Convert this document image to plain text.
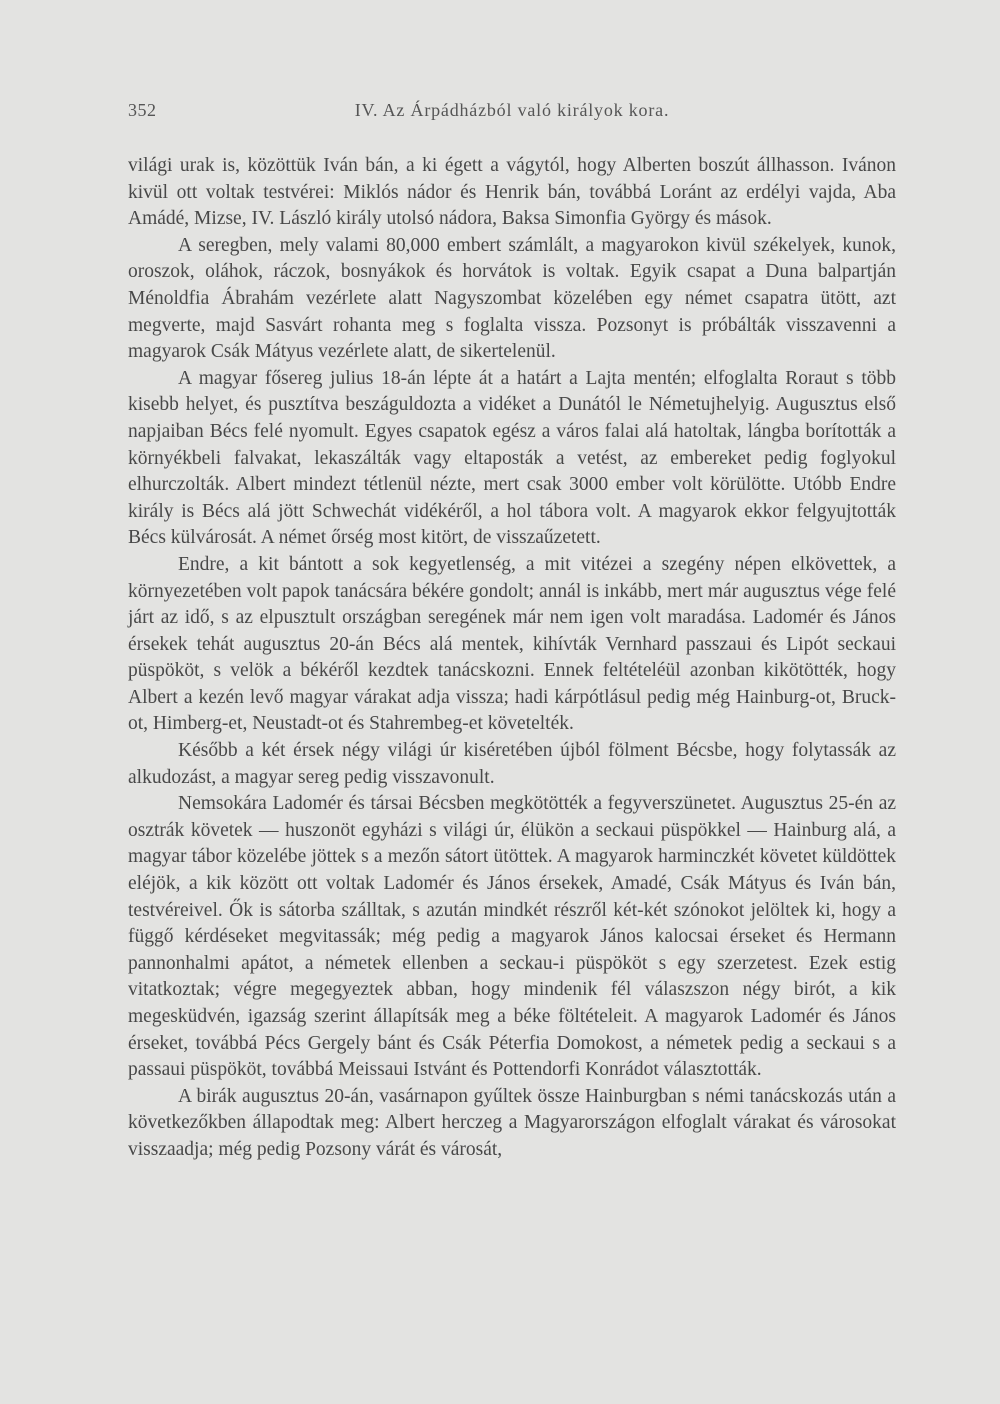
352	IV. Az Árpádházból való királyok kora.

világi urak is, közöttük Iván bán, a ki égett a vágytól, hogy Alberten boszút állhasson. Ivánon kivül ott voltak testvérei: Miklós nádor és Henrik bán, továbbá Loránt az erdélyi vajda, Aba Amádé, Mizse, IV. László király utolsó nádora, Baksa Simonfia György és mások.

A seregben, mely valami 80,000 embert számlált, a magyarokon kivül székelyek, kunok, oroszok, oláhok, ráczok, bosnyákok és horvátok is voltak. Egyik csapat a Duna balpartján Ménoldfia Ábrahám vezérlete alatt Nagyszombat közelében egy német csapatra ütött, azt megverte, majd Sasvárt rohanta meg s foglalta vissza. Pozsonyt is próbálták visszavenni a magyarok Csák Mátyus vezérlete alatt, de sikertelenül.

A magyar fősereg julius 18-án lépte át a határt a Lajta mentén; elfoglalta Roraut s több kisebb helyet, és pusztítva beszáguldozta a vidéket a Dunától le Németujhelyig. Augusztus első napjaiban Bécs felé nyomult. Egyes csapatok egész a város falai alá hatoltak, lángba borították a környékbeli falvakat, lekaszálták vagy eltaposták a vetést, az embereket pedig foglyokul elhurczolták. Albert mindezt tétlenül nézte, mert csak 3000 ember volt körülötte. Utóbb Endre király is Bécs alá jött Schwechát vidékéről, a hol tábora volt. A magyarok ekkor felgyujtották Bécs külvárosát. A német őrség most kitört, de visszaűzetett.

Endre, a kit bántott a sok kegyetlenség, a mit vitézei a szegény népen elkövettek, a környezetében volt papok tanácsára békére gondolt; annál is inkább, mert már augusztus vége felé járt az idő, s az elpusztult országban seregének már nem igen volt maradása. Ladomér és János érsekek tehát augusztus 20-án Bécs alá mentek, kihívták Vernhard passzaui és Lipót seckaui püspököt, s velök a békéről kezdtek tanácskozni. Ennek feltételéül azonban kikötötték, hogy Albert a kezén levő magyar várakat adja vissza; hadi kárpótlásul pedig még Hainburg-ot, Bruck-ot, Himberg-et, Neustadt-ot és Stahrembeg-et követelték.

Később a két érsek négy világi úr kiséretében újból fölment Bécsbe, hogy folytassák az alkudozást, a magyar sereg pedig visszavonult.

Nemsokára Ladomér és társai Bécsben megkötötték a fegyverszünetet. Augusztus 25-én az osztrák követek — huszonöt egyházi s világi úr, élükön a seckaui püspökkel — Hainburg alá, a magyar tábor közelébe jöttek s a mezőn sátort ütöttek. A magyarok harminczkét követet küldöttek eléjök, a kik között ott voltak Ladomér és János érsekek, Amadé, Csák Mátyus és Iván bán, testvéreivel. Ők is sátorba szálltak, s azután mindkét részről két-két szónokot jelöltek ki, hogy a függő kérdéseket megvitassák; még pedig a magyarok János kalocsai érseket és Hermann pannonhalmi apátot, a németek ellenben a seckau-i püspököt s egy szerzetest. Ezek estig vitatkoztak; végre megegyeztek abban, hogy mindenik fél válaszszon négy birót, a kik megesküdvén, igazság szerint állapítsák meg a béke föltételeit. A magyarok Ladomér és János érseket, továbbá Pécs Gergely bánt és Csák Péterfia Domokost, a németek pedig a seckaui s a passaui püspököt, továbbá Meissaui Istvánt és Pottendorfi Konrádot választották.

A birák augusztus 20-án, vasárnapon gyűltek össze Hainburgban s némi tanácskozás után a következőkben állapodtak meg: Albert herczeg a Magyarországon elfoglalt várakat és városokat visszaadja; még pedig Pozsony várát és városát,
